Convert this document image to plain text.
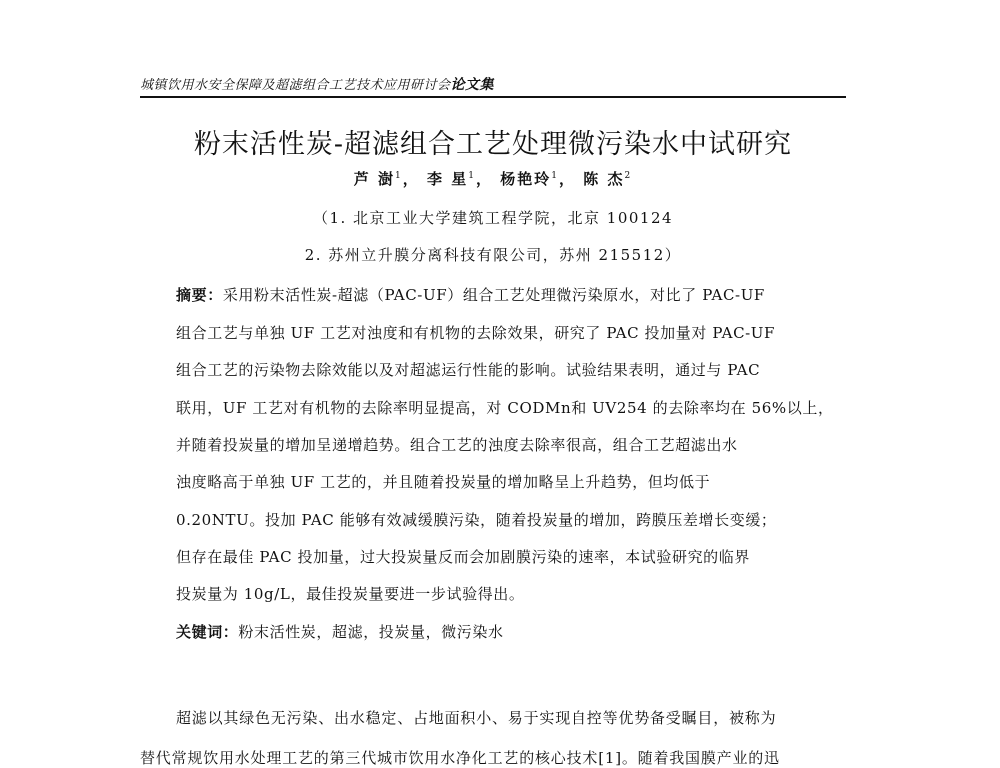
城镇饮用水安全保障及超滤组合工艺技术应用研讨会论文集
粉末活性炭-超滤组合工艺处理微污染水中试研究
芦 澍$^1$， 李 星$^1$， 杨艳玲$^1$， 陈 杰$^2$
（1. 北京工业大学建筑工程学院，北京 100124
2. 苏州立升膜分离科技有限公司，苏州 215512）
摘要：采用粉末活性炭-超滤（PAC-UF）组合工艺处理微污染原水，对比了 PAC-UF
组合工艺与单独 UF 工艺对浊度和有机物的去除效果，研究了 PAC 投加量对 PAC-UF
组合工艺的污染物去除效能以及对超滤运行性能的影响。试验结果表明，通过与 PAC
联用，UF 工艺对有机物的去除率明显提高，对 CODMn和 UV254 的去除率均在 56%以上，
并随着投炭量的增加呈递增趋势。组合工艺的浊度去除率很高，组合工艺超滤出水
浊度略高于单独 UF 工艺的，并且随着投炭量的增加略呈上升趋势，但均低于
0.20NTU。投加 PAC 能够有效减缓膜污染，随着投炭量的增加，跨膜压差增长变缓；
但存在最佳 PAC 投加量，过大投炭量反而会加剧膜污染的速率，本试验研究的临界
投炭量为 10g/L，最佳投炭量要进一步试验得出。
关键词：粉末活性炭，超滤，投炭量，微污染水
超滤以其绿色无污染、出水稳定、占地面积小、易于实现自控等优势备受瞩目，被称为
替代常规饮用水处理工艺的第三代城市饮用水净化工艺的核心技术[1]。随着我国膜产业的迅
